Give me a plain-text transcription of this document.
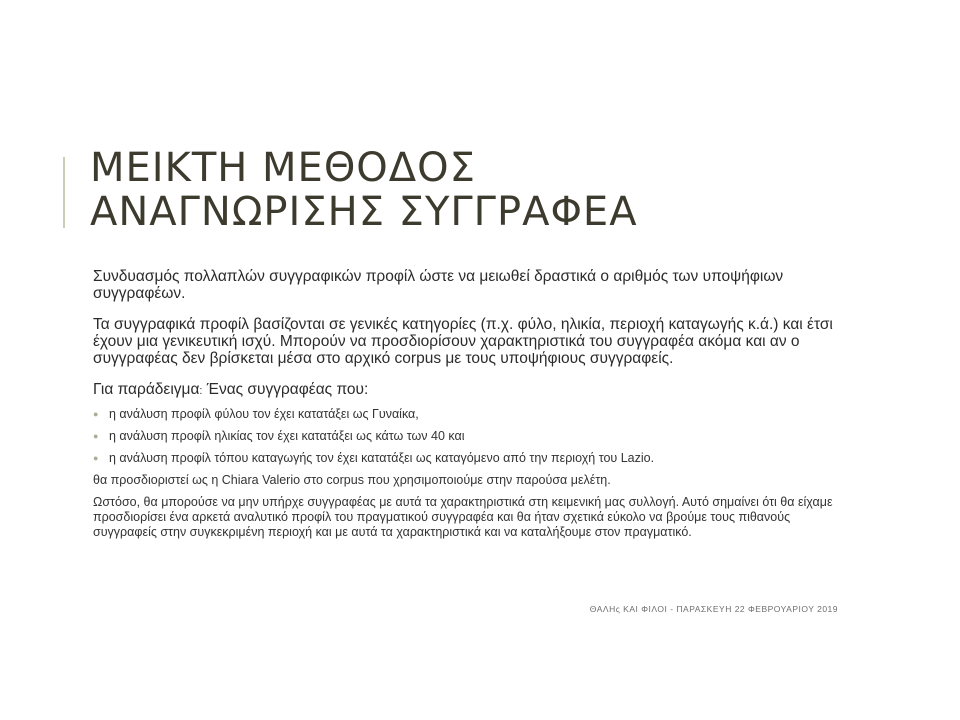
ΜΕΙΚΤΗ ΜΕΘΟΔΟΣ
ΑΝΑΓΝΩΡΙΣΗΣ ΣΥΓΓΡΑΦΕΑ

Συνδυασμός πολλαπλών συγγραφικών προφίλ ώστε να μειωθεί δραστικά ο αριθμός των υποψήφιων συγγραφέων.

Τα συγγραφικά προφίλ βασίζονται σε γενικές κατηγορίες (π.χ. φύλο, ηλικία, περιοχή καταγωγής κ.ά.) και έτσι έχουν μια γενικευτική ισχύ. Μπορούν να προσδιορίσουν χαρακτηριστικά του συγγραφέα ακόμα και αν ο συγγραφέας δεν βρίσκεται μέσα στο αρχικό corpus με τους υποψήφιους συγγραφείς.

Για παράδειγμα: Ένας συγγραφέας που:

● η ανάλυση προφίλ φύλου τον έχει κατατάξει ως Γυναίκα,
● η ανάλυση προφίλ ηλικίας τον έχει κατατάξει ως κάτω των 40 και
● η ανάλυση προφίλ τόπου καταγωγής τον έχει κατατάξει ως καταγόμενο από την περιοχή του Lazio.

θα προσδιοριστεί ως η Chiara Valerio στο corpus που χρησιμοποιούμε στην παρούσα μελέτη.

Ωστόσο, θα μπορούσε να μην υπήρχε συγγραφέας με αυτά τα χαρακτηριστικά στη κειμενική μας συλλογή. Αυτό σημαίνει ότι θα είχαμε προσδιορίσει ένα αρκετά αναλυτικό προφίλ του πραγματικού συγγραφέα και θα ήταν σχετικά εύκολο να βρούμε τους πιθανούς συγγραφείς στην συγκεκριμένη περιοχή και με αυτά τα χαρακτηριστικά και να καταλήξουμε στον πραγματικό.

ΘΑΛΗς ΚΑΙ ΦΙΛΟΙ - ΠΑΡΑΣΚΕΥΗ 22 ΦΕΒΡΟΥΑΡΙΟΥ 2019
